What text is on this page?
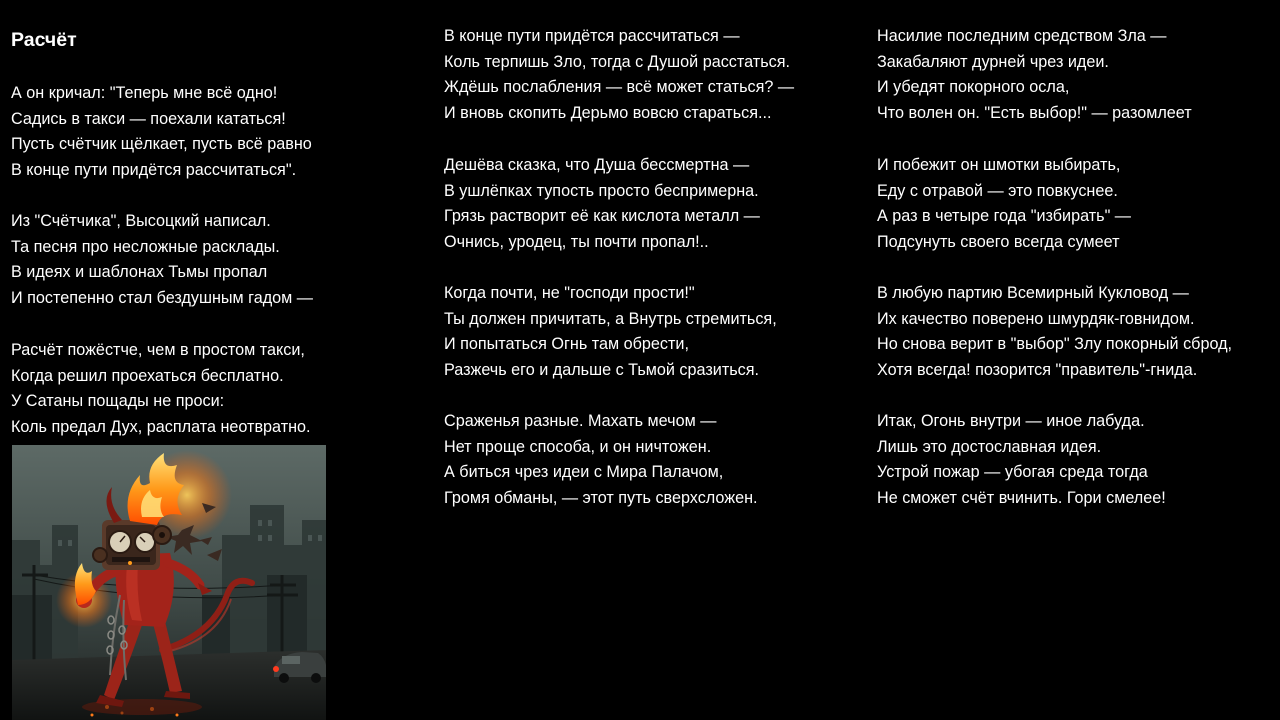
Расчёт
А он кричал: "Теперь мне всё одно!
Садись в такси — поехали кататься!
Пусть счётчик щёлкает, пусть всё равно
В конце пути придётся рассчитаться".
Из "Счётчика", Высоцкий написал.
Та песня про несложные расклады.
В идеях и шаблонах Тьмы пропал
И постепенно стал бездушным гадом —
Расчёт пожёстче, чем в простом такси,
Когда решил проехаться бесплатно.
У Сатаны пощады не проси:
Коль предал Дух, расплата неотвратно.
В конце пути придётся рассчитаться —
Коль терпишь Зло, тогда с Душой расстаться.
Ждёшь послабления — всё может статься? —
И вновь скопить Дерьмо вовсю стараться...
Дешёва сказка, что Душа бессмертна —
В ушлёпках тупость просто беспримерна.
Грязь растворит её как кислота металл —
Очнись, уродец, ты почти пропал!..
Когда почти, не "господи прости!"
Ты должен причитать, а Внутрь стремиться,
И попытаться Огнь там обрести,
Разжечь его и дальше с Тьмой сразиться.
Сраженья разные. Махать мечом —
Нет проще способа, и он ничтожен.
А биться чрез идеи с Мира Палачом,
Громя обманы, — этот путь сверхсложен.
Насилие последним средством Зла —
Закабаляют дурней чрез идеи.
И убедят покорного осла,
Что волен он. "Есть выбор!" — разомлеет
И побежит он шмотки выбирать,
Еду с отравой — это повкуснее.
А раз в четыре года "избирать" —
Подсунуть своего всегда сумеет
В любую партию Всемирный Кукловод —
Их качество поверено шмурдяк-говнидом.
Но снова верит в "выбор" Злу покорный сброд,
Хотя всегда! позорится "правитель"-гнида.
Итак, Огонь внутри — иное лабуда.
Лишь это достославная идея.
Устрой пожар — убогая среда тогда
Не сможет счёт вчинить. Гори смелее!
